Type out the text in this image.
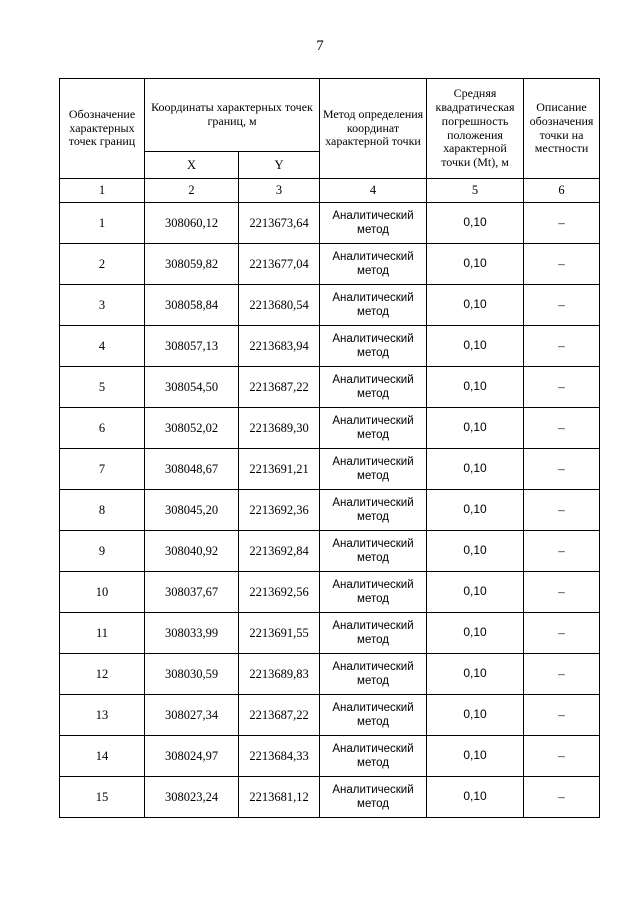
7
Обозначение характерных точек границ	Координаты характерных точек границ, м		Метод определения координат характерной точки	Средняя квадратическая погрешность положения характерной точки (Mt), м	Описание обозначения точки на местности
	X	Y			
1	2	3	4	5	6
1	308060,12	2213673,64	Аналитический метод	0,10	–
2	308059,82	2213677,04	Аналитический метод	0,10	–
3	308058,84	2213680,54	Аналитический метод	0,10	–
4	308057,13	2213683,94	Аналитический метод	0,10	–
5	308054,50	2213687,22	Аналитический метод	0,10	–
6	308052,02	2213689,30	Аналитический метод	0,10	–
7	308048,67	2213691,21	Аналитический метод	0,10	–
8	308045,20	2213692,36	Аналитический метод	0,10	–
9	308040,92	2213692,84	Аналитический метод	0,10	–
10	308037,67	2213692,56	Аналитический метод	0,10	–
11	308033,99	2213691,55	Аналитический метод	0,10	–
12	308030,59	2213689,83	Аналитический метод	0,10	–
13	308027,34	2213687,22	Аналитический метод	0,10	–
14	308024,97	2213684,33	Аналитический метод	0,10	–
15	308023,24	2213681,12	Аналитический метод	0,10	–
